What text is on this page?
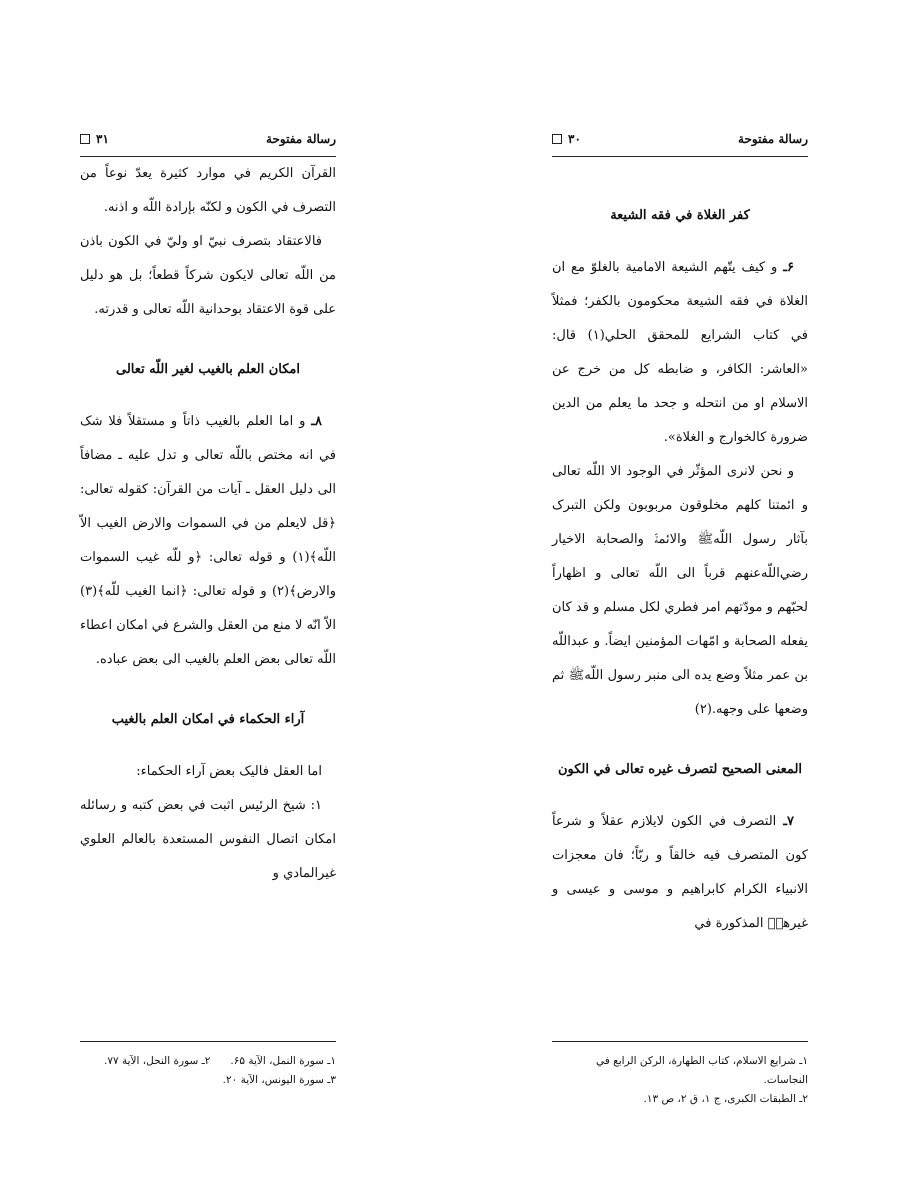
رسالة مفتوحة
۳۱

القرآن الكريم في موارد كثيرة يعدّ نوعاً من التصرف في الكون و لكنّه بإرادة اللّه و اذنه.

فالاعتقاد بتصرف نبيّ او وليّ في الكون باذن من اللّه تعالى لايكون شركاً قطعاً؛ بل هو دليل على قوة الاعتقاد بوحدانية اللّه تعالى و قدرته.

امكان العلم بالغيب لغير اللّه تعالى

۸ـ و اما العلم بالغيب ذاتاً و مستقلاً فلا شک في انه مختص باللّه تعالى و تدل عليه ـ مضافاً الى دليل العقل ـ آيات من القرآن: كقوله تعالى: ﴿قل لايعلم من في السموات والارض الغيب الاّ اللّه﴾(۱) و قوله تعالى: ﴿و للّه غيب السموات والارض﴾(۲) و قوله تعالى: ﴿انما الغيب للّه﴾(۳) الاّ انّه لا منع من العقل والشرع في امكان اعطاء اللّه تعالى بعض العلم بالغيب الى بعض عباده.

آراء الحكماء في امكان العلم بالغيب

اما العقل فاليک بعض آراء الحكماء:

۱: شيخ الرئيس اثبت في بعض كتبه و رسائله امكان اتصال النفوس المستعدة بالعالم العلوي غيرالمادي و

۱ـ سورة النمل، الآية ۶۵.
۲ـ سورة النحل، الآية ۷۷.
۳ـ سورة اليونس، الآية ۲۰.
رسالة مفتوحة
۳۰
كفر الغلاة في فقه الشيعة

۶ـ و كيف يتّهم الشيعة الامامية بالغلوّ مع ان الغلاة في فقه الشيعة محكومون بالكفر؛ فمثلاً في كتاب الشرايع للمحقق الحلي(۱) قال: «العاشر: الكافر، و ضابطه كل من خرج عن الاسلام او من انتحله و جحد ما يعلم من الدين ضرورة كالخوارج و الغلاة».

و نحن لانرى المؤثّر في الوجود الا اللّه تعالى و ائمتنا كلهم مخلوقون مربوبون ولكن التبرک بآثار رسول اللّهﷺ والائمةؑ والصحابة الاخيار رضي‌اللّه‌عنهم قرباً الى اللّه تعالى و اظهاراً لحبّهم و مودّتهم امر فطري لكل مسلم و قد كان يفعله الصحابة و امّهات المؤمنين ايضاً. و عبداللّه بن عمر مثلاً وضع يده الى منبر رسول اللّهﷺ ثم وضعها على وجهه.(۲)

المعنى الصحيح لتصرف غيره تعالى في الكون

۷ـ التصرف في الكون لايلازم عقلاً و شرعاً كون المتصرف فيه خالقاً و ربّاً؛ فان معجزات الانبياء الكرام كابراهيم و موسى و عيسى و غيرهمؑ المذكورة في

۱ـ شرايع الاسلام، كتاب الطهارة، الركن الرابع في النجاسات.
۲ـ الطبقات الكبرى، ج ۱، ق ۲، ص ۱۳.
